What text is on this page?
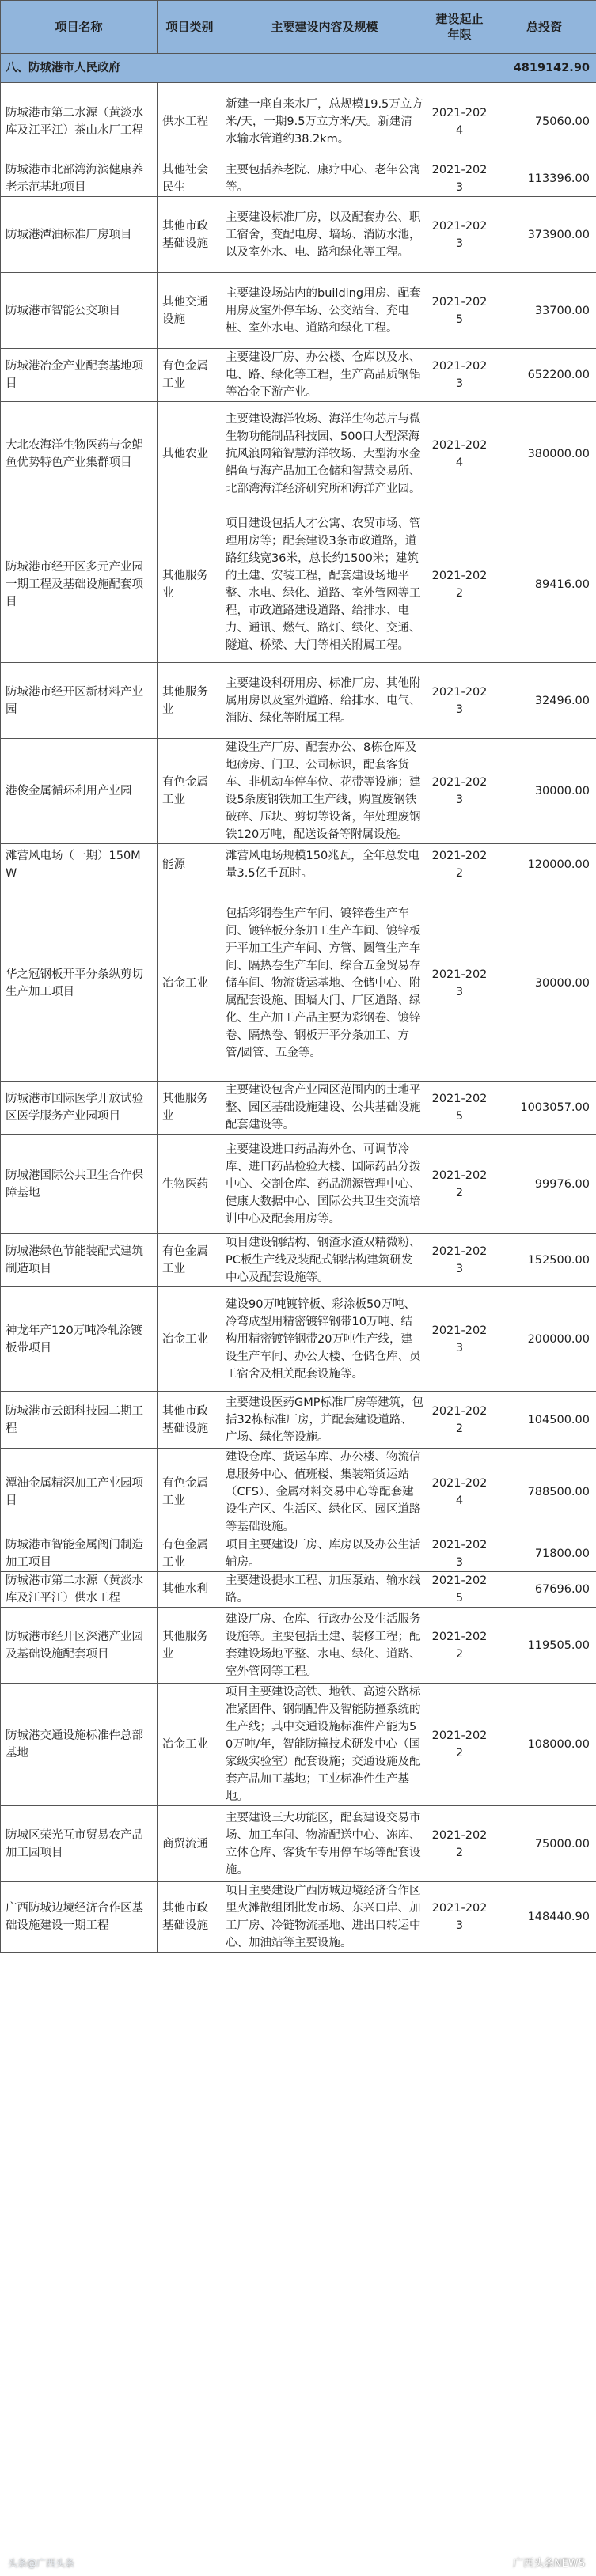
项目名称	项目类别	主要建设内容及规模	建设起止年限	总投资
八、防城港市人民政府				4819142.90
防城港市第二水源（黄淡水库及江平江）茶山水厂工程	供水工程	新建一座自来水厂，总规模19.5万立方米/天，一期9.5万立方米/天。新建清水输水管道约38.2km。	2021-2024	75060.00
防城港市北部湾海滨健康养老示范基地项目	其他社会民生	主要包括养老院、康疗中心、老年公寓等。	2021-2023	113396.00
防城港潭油标准厂房项目	其他市政基础设施	主要建设标准厂房，以及配套办公、职工宿舍，变配电房、墙场、消防水池，以及室外水、电、路和绿化等工程。	2021-2023	373900.00
防城港市智能公交项目	其他交通设施	主要建设场站内的building用房、配套用房及室外停车场、公交站台、充电桩、室外水电、道路和绿化工程。	2021-2025	33700.00
防城港冶金产业配套基地项目	有色金属工业	主要建设厂房、办公楼、仓库以及水、电、路、绿化等工程，生产高品质钢铝等冶金下游产业。	2021-2023	652200.00
大北农海洋生物医药与金鲳鱼优势特色产业集群项目	其他农业	主要建设海洋牧场、海洋生物芯片与微生物功能制品科技园、500口大型深海抗风浪网箱智慧海洋牧场、大型海水金鲳鱼与海产品加工仓储和智慧交易所、北部湾海洋经济研究所和海洋产业园。	2021-2024	380000.00
防城港市经开区多元产业园一期工程及基础设施配套项目	其他服务业	项目建设包括人才公寓、农贸市场、管理用房等；配套建设3条市政道路，道路红线宽36米，总长约1500米；建筑的土建、安装工程，配套建设场地平整、水电、绿化、道路、室外管网等工程，市政道路建设道路、给排水、电力、通讯、燃气、路灯、绿化、交通、隧道、桥梁、大门等相关附属工程。	2021-2022	89416.00
防城港市经开区新材料产业园	其他服务业	主要建设科研用房、标准厂房、其他附属用房以及室外道路、给排水、电气、消防、绿化等附属工程。	2021-2023	32496.00
港俊金属循环利用产业园	有色金属工业	建设生产厂房、配套办公、8栋仓库及地磅房、门卫、公司标识，配套客货车、非机动车停车位、花带等设施；建设5条废钢铁加工生产线，购置废钢铁破碎、压块、剪切等设备，年处理废钢铁120万吨，配送设备等附属设施。	2021-2023	30000.00
滩营风电场（一期）150MW	能源	滩营风电场规模150兆瓦，全年总发电量3.5亿千瓦时。	2021-2022	120000.00
华之冠钢板开平分条纵剪切生产加工项目	冶金工业	包括彩钢卷生产车间、镀锌卷生产车间、镀锌板分条加工生产车间、镀锌板开平加工生产车间、方管、圆管生产车间、隔热卷生产车间、综合五金贸易存储车间、物流货运基地、仓储中心、附属配套设施、围墙大门、厂区道路、绿化、生产加工产品主要为彩钢卷、镀锌卷、隔热卷、钢板开平分条加工、方管/圆管、五金等。	2021-2023	30000.00
防城港市国际医学开放试验区医学服务产业园项目	其他服务业	主要建设包含产业园区范围内的土地平整、园区基础设施建设、公共基础设施配套建设等。	2021-2025	1003057.00
防城港国际公共卫生合作保障基地	生物医药	主要建设进口药品海外仓、可调节冷库、进口药品检验大楼、国际药品分拨中心、交割仓库、药品溯源管理中心、健康大数据中心、国际公共卫生交流培训中心及配套用房等。	2021-2022	99976.00
防城港绿色节能装配式建筑制造项目	有色金属工业	项目建设钢结构、钢渣水渣双精微粉、PC板生产线及装配式钢结构建筑研发中心及配套设施等。	2021-2023	152500.00
神龙年产120万吨冷轧涂镀板带项目	冶金工业	建设90万吨镀锌板、彩涂板50万吨、冷弯成型用精密镀锌钢带10万吨、结构用精密镀锌钢带20万吨生产线，建设生产车间、办公大楼、仓储仓库、员工宿舍及相关配套设施等。	2021-2023	200000.00
防城港市云朗科技园二期工程	其他市政基础设施	主要建设医药GMP标准厂房等建筑，包括32栋标准厂房，并配套建设道路、广场、绿化等设施。	2021-2022	104500.00
潭油金属精深加工产业园项目	有色金属工业	建设仓库、货运车库、办公楼、物流信息服务中心、值班楼、集装箱货运站（CFS）、金属材料交易中心等配套建设生产区、生活区、绿化区、园区道路等基础设施。	2021-2024	788500.00
防城港市智能金属阀门制造加工项目	有色金属工业	项目主要建设厂房、库房以及办公生活辅房。	2021-2023	71800.00
防城港市第二水源（黄淡水库及江平江）供水工程	其他水利	主要建设提水工程、加压泵站、输水线路。	2021-2025	67696.00
防城港市经开区深港产业园及基础设施配套项目	其他服务业	建设厂房、仓库、行政办公及生活服务设施等。主要包括土建、装修工程；配套建设场地平整、水电、绿化、道路、室外管网等工程。	2021-2022	119505.00
防城港交通设施标准件总部基地	冶金工业	项目主要建设高铁、地铁、高速公路标准紧固件、钢制配件及智能防撞系统的生产线；其中交通设施标准件产能为50万吨/年，智能防撞技术研发中心（国家级实验室）配套设施；交通设施及配套产品加工基地；工业标准件生产基地。	2021-2022	108000.00
防城区荣光互市贸易农产品加工园项目	商贸流通	主要建设三大功能区，配套建设交易市场、加工车间、物流配送中心、冻库、立体仓库、客货车专用停车场等配套设施。	2021-2022	75000.00
广西防城边境经济合作区基础设施建设一期工程	其他市政基础设施	项目主要建设广西防城边境经济合作区里火滩散组团批发市场、东兴口岸、加工厂房、冷链物流基地、进出口转运中心、加油站等主要设施。	2021-2023	148440.90
头条@广西头条	广西头条NEWS
